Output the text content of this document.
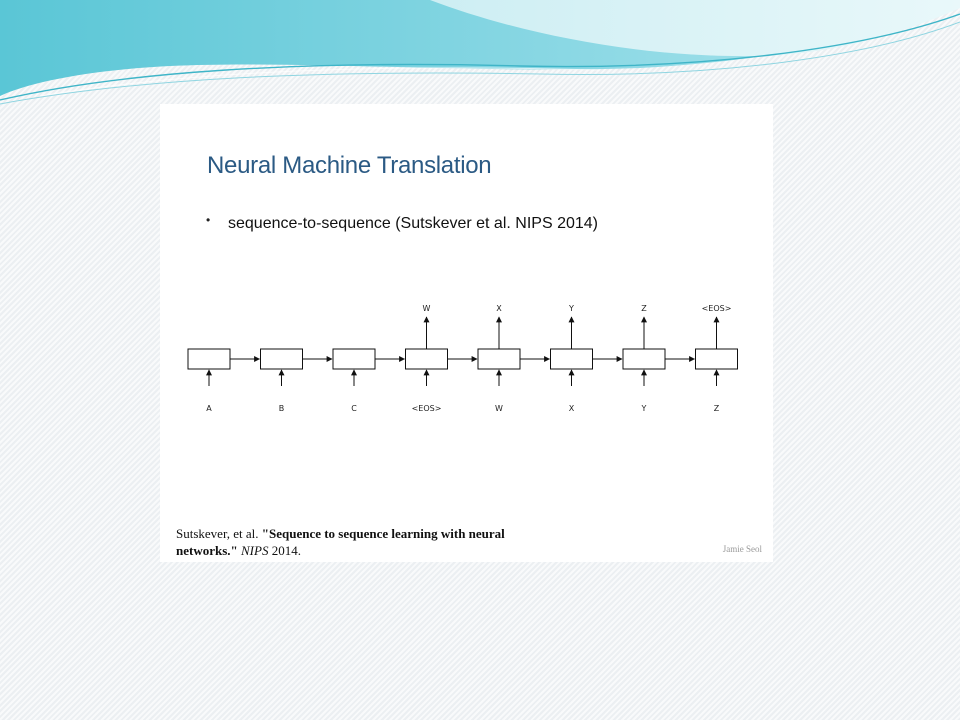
Neural Machine Translation
• sequence-to-sequence (Sutskever et al. NIPS 2014)
A	B	C	<EOS>
W
W
X
X
Y
Y
Z
Z
<EOS>

Sutskever, et al. "Sequence to sequence learning with neural networks." NIPS 2014.	Jamie Seol
